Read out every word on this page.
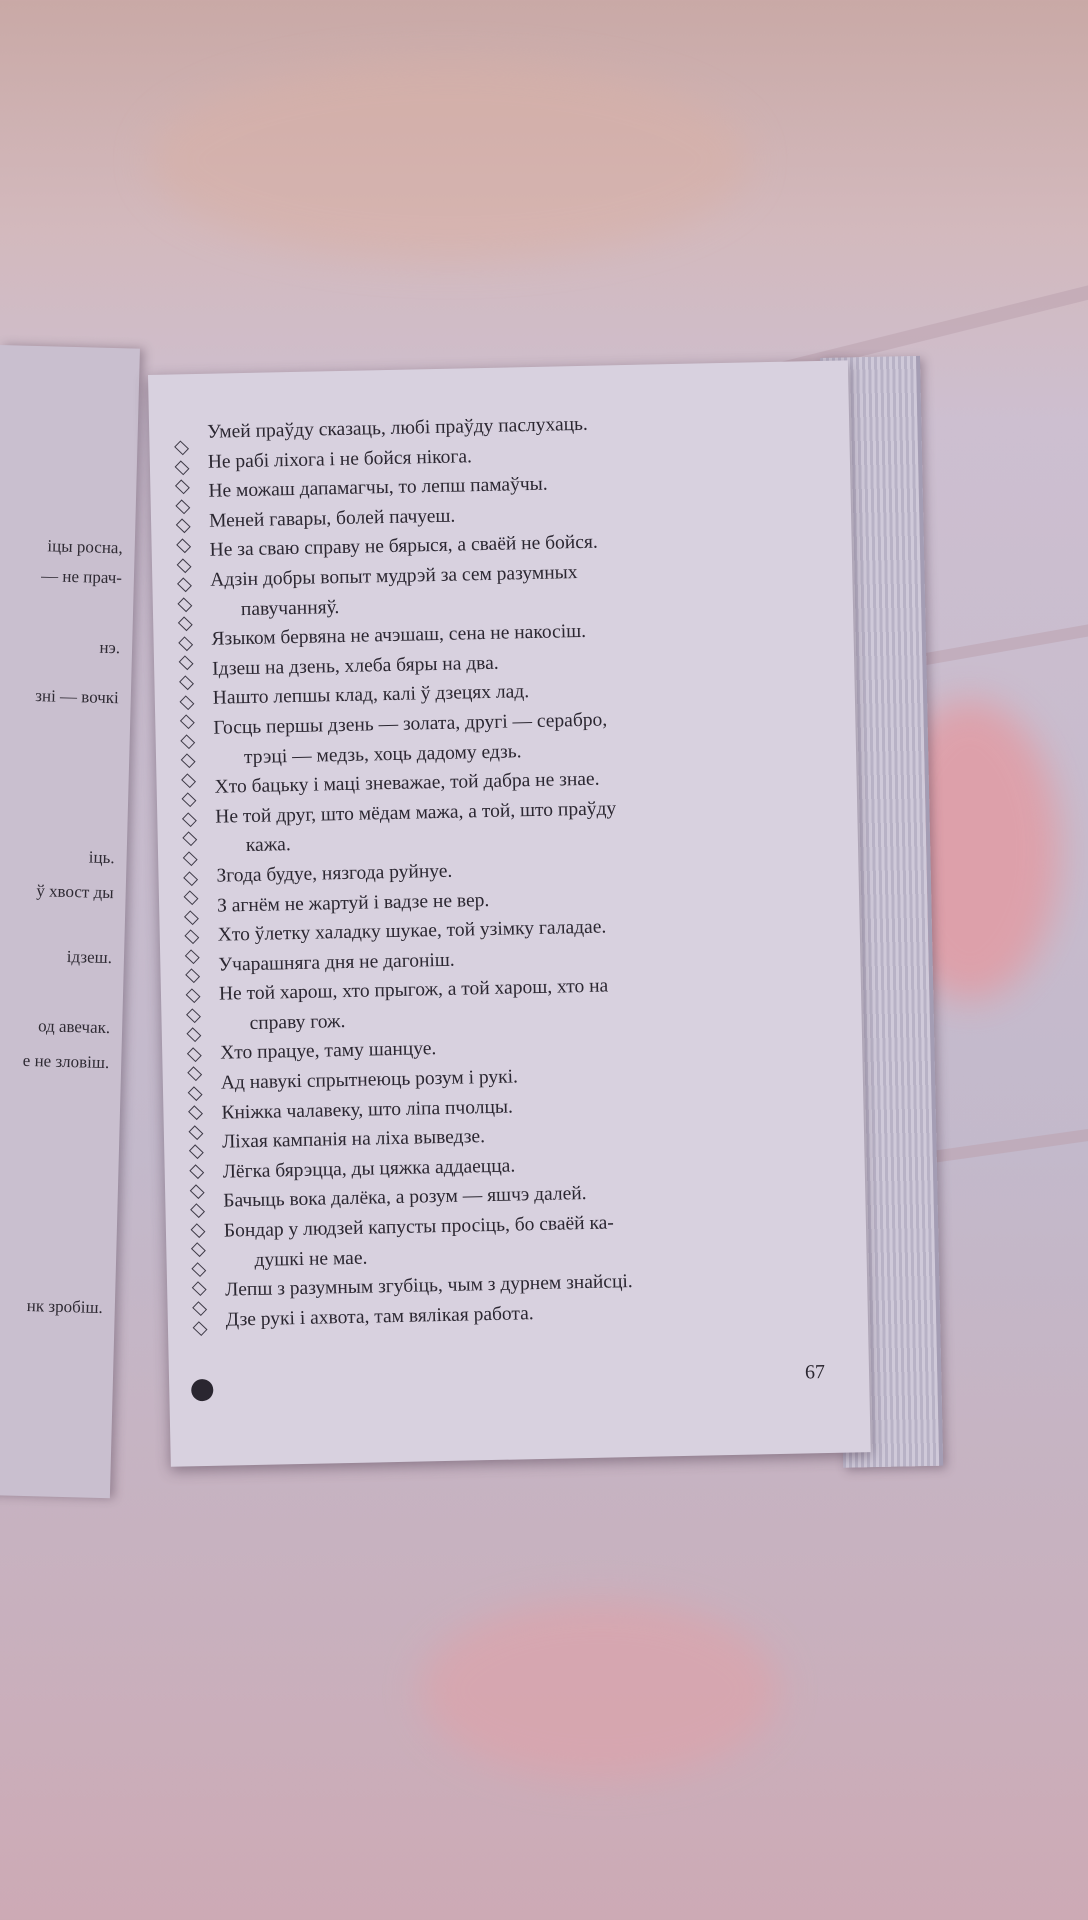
іцы росна,
— не прач-
нэ.
зні — вочкі
іць.
ў хвост ды
ідзеш.
од авечак.
е не зловіш.
нк зробіш.
Умей праўду сказаць, любі праўду паслухаць.
Не рабі ліхога і не бойся нікога.
Не можаш дапамагчы, то лепш памаўчы.
Меней гавары, болей пачуеш.
Не за сваю справу не бярыся, а сваёй не бойся.
Адзін добры вопыт мудрэй за сем разумных
павучанняў.
Языком бервяна не ачэшаш, сена не накосіш.
Ідзеш на дзень, хлеба бяры на два.
Нашто лепшы клад, калі ў дзецях лад.
Госць першы дзень — золата, другі — серабро,
трэці — медзь, хоць дадому едзь.
Хто бацьку і маці зневажае, той дабра не знае.
Не той друг, што мёдам мажа, а той, што праўду
кажа.
Згода будуе, нязгода руйнуе.
З агнём не жартуй і вадзе не вер.
Хто ўлетку халадку шукае, той узімку галадае.
Учарашняга дня не дагоніш.
Не той харош, хто прыгож, а той харош, хто на
справу гож.
Хто працуе, таму шанцуе.
Ад навукі спрытнеюць розум і рукі.
Кніжка чалавеку, што ліпа пчолцы.
Ліхая кампанія на ліха выведзе.
Лёгка бярэцца, ды цяжка аддаецца.
Бачыць вока далёка, а розум — яшчэ далей.
Бондар у людзей капусты просіць, бо сваёй ка-
душкі не мае.
Лепш з разумным згубіць, чым з дурнем знайсці.
Дзе рукі і ахвота, там вялікая работа.
67
